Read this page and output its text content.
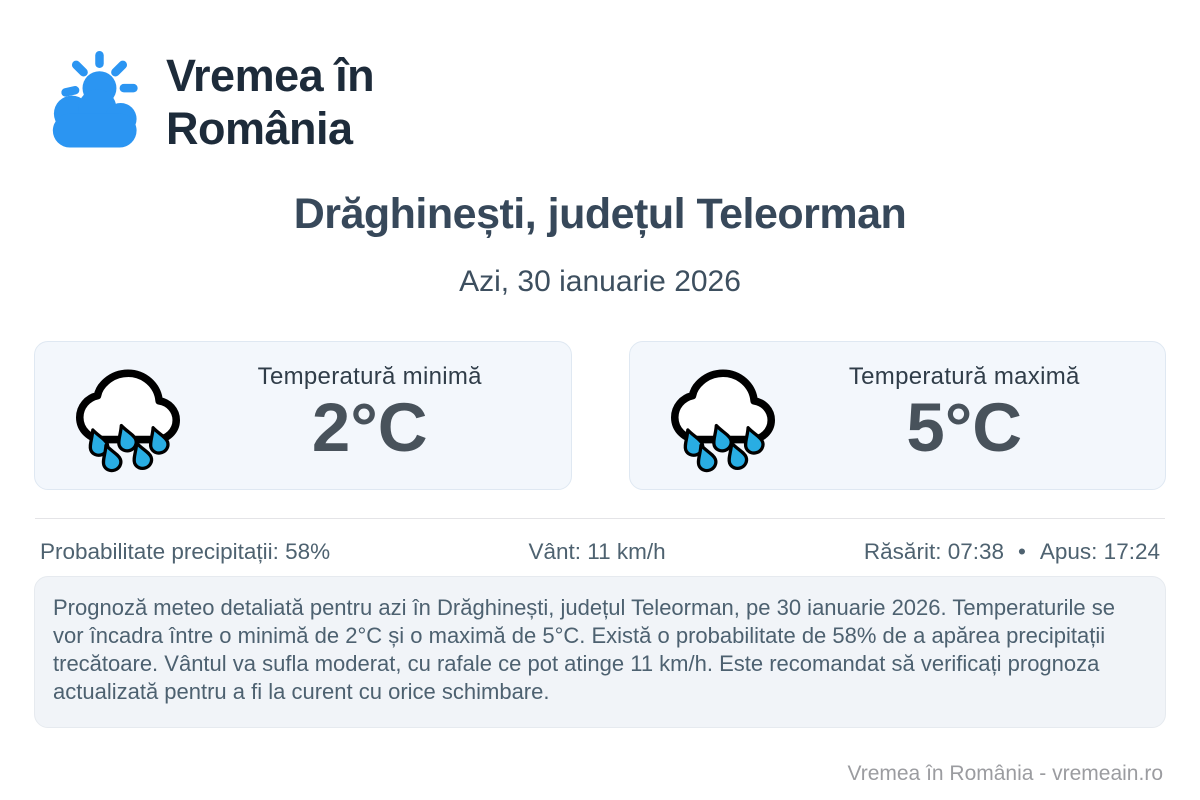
Vremea în
România
Drăghinești, județul Teleorman
Azi, 30 ianuarie 2026
Temperatură minimă
2°C
Temperatură maximă
5°C
Probabilitate precipitații: 58%	Vânt: 11 km/h	Răsărit: 07:38 • Apus: 17:24
Prognoză meteo detaliată pentru azi în Drăghinești, județul Teleorman, pe 30 ianuarie 2026. Temperaturile se vor încadra între o minimă de 2°C și o maximă de 5°C. Există o probabilitate de 58% de a apărea precipitații trecătoare. Vântul va sufla moderat, cu rafale ce pot atinge 11 km/h. Este recomandat să verificați prognoza actualizată pentru a fi la curent cu orice schimbare.
Vremea în România - vremeain.ro
